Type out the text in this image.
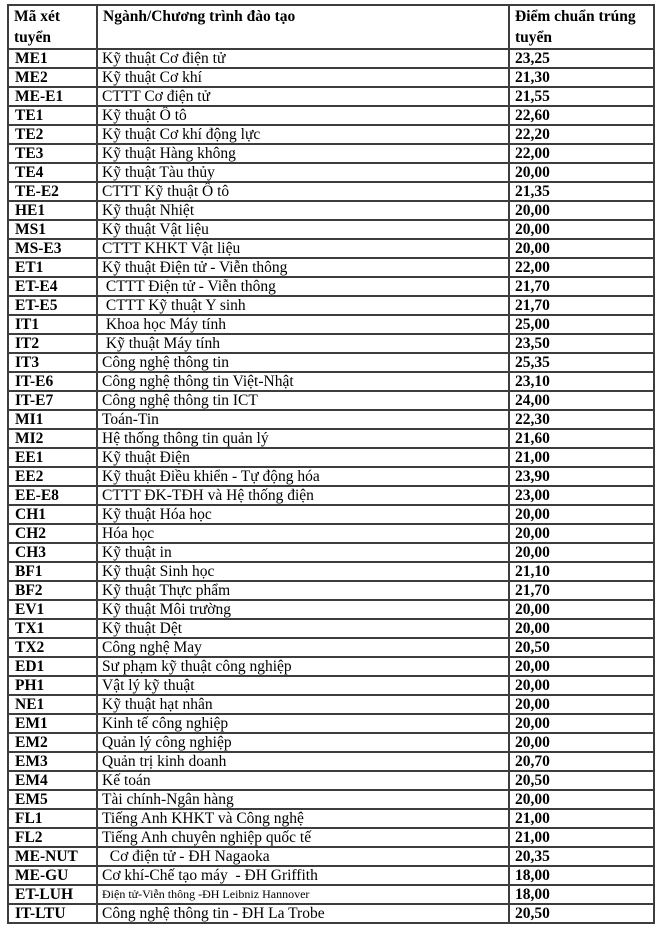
Mã xét tuyển	Ngành/Chương trình đào tạo	Điểm chuẩn trúng tuyển
ME1	Kỹ thuật Cơ điện tử	23,25
ME2	Kỹ thuật Cơ khí	21,30
ME-E1	CTTT Cơ điện tử	21,55
TE1	Kỹ thuật Ô tô	22,60
TE2	Kỹ thuật Cơ khí động lực	22,20
TE3	Kỹ thuật Hàng không	22,00
TE4	Kỹ thuật Tàu thủy	20,00
TE-E2	CTTT Kỹ thuật Ô tô	21,35
HE1	Kỹ thuật Nhiệt	20,00
MS1	Kỹ thuật Vật liệu	20,00
MS-E3	CTTT KHKT Vật liệu	20,00
ET1	Kỹ thuật Điện tử - Viễn thông	22,00
ET-E4	CTTT Điện tử - Viễn thông	21,70
ET-E5	CTTT Kỹ thuật Y sinh	21,70
IT1	Khoa học Máy tính	25,00
IT2	Kỹ thuật Máy tính	23,50
IT3	Công nghệ thông tin	25,35
IT-E6	Công nghệ thông tin Việt-Nhật	23,10
IT-E7	Công nghệ thông tin ICT	24,00
MI1	Toán-Tin	22,30
MI2	Hệ thống thông tin quản lý	21,60
EE1	Kỹ thuật Điện	21,00
EE2	Kỹ thuật Điều khiển - Tự động hóa	23,90
EE-E8	CTTT ĐK-TĐH và Hệ thống điện	23,00
CH1	Kỹ thuật Hóa học	20,00
CH2	Hóa học	20,00
CH3	Kỹ thuật in	20,00
BF1	Kỹ thuật Sinh học	21,10
BF2	Kỹ thuật Thực phẩm	21,70
EV1	Kỹ thuật Môi trường	20,00
TX1	Kỹ thuật Dệt	20,00
TX2	Công nghệ May	20,50
ED1	Sư phạm kỹ thuật công nghiệp	20,00
PH1	Vật lý kỹ thuật	20,00
NE1	Kỹ thuật hạt nhân	20,00
EM1	Kinh tế công nghiệp	20,00
EM2	Quản lý công nghiệp	20,00
EM3	Quản trị kinh doanh	20,70
EM4	Kế toán	20,50
EM5	Tài chính-Ngân hàng	20,00
FL1	Tiếng Anh KHKT và Công nghệ	21,00
FL2	Tiếng Anh chuyên nghiệp quốc tế	21,00
ME-NUT	Cơ điện tử - ĐH Nagaoka	20,35
ME-GU	Cơ khí-Chế tạo máy  - ĐH Griffith	18,00
ET-LUH	Điện tử-Viễn thông -ĐH Leibniz Hannover	18,00
IT-LTU	Công nghệ thông tin - ĐH La Trobe	20,50
